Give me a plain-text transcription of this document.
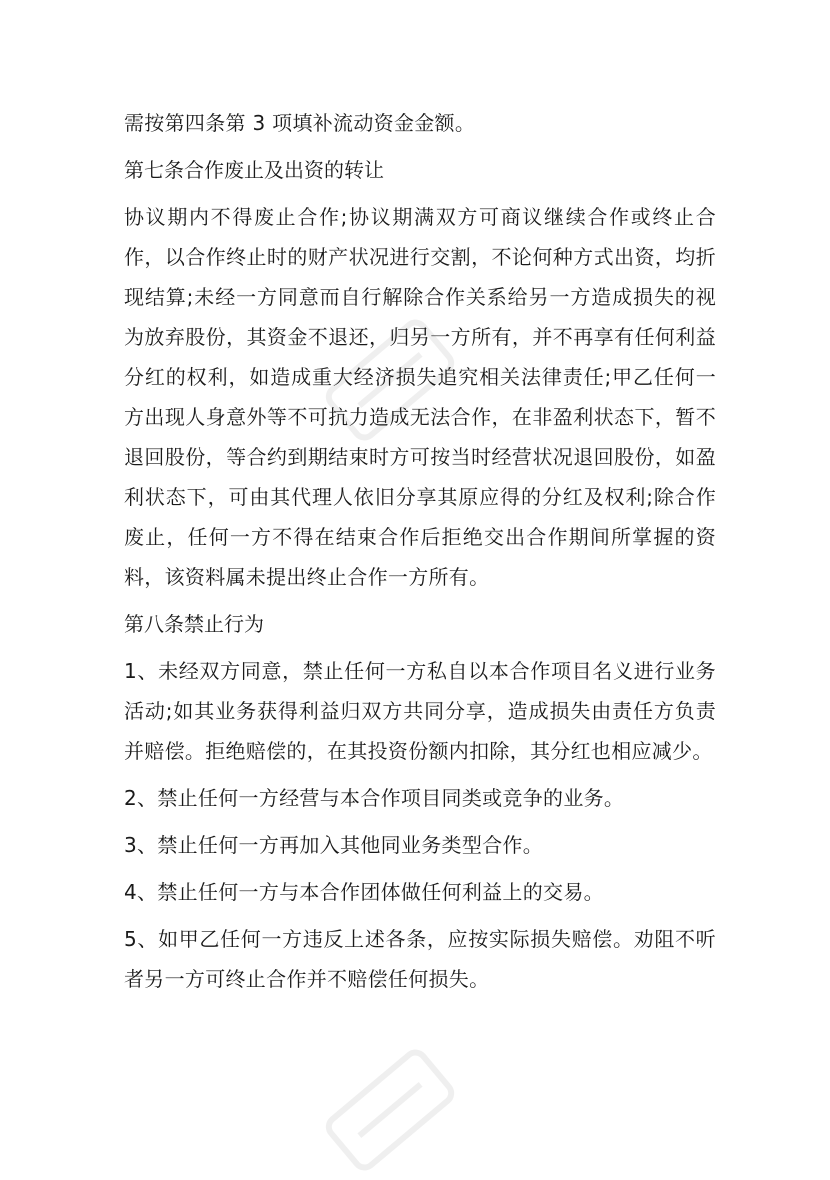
需按第四条第 3 项填补流动资金金额。

第七条合作废止及出资的转让

协议期内不得废止合作;协议期满双方可商议继续合作或终止合作，以合作终止时的财产状况进行交割，不论何种方式出资，均折现结算;未经一方同意而自行解除合作关系给另一方造成损失的视为放弃股份，其资金不退还，归另一方所有，并不再享有任何利益分红的权利，如造成重大经济损失追究相关法律责任;甲乙任何一方出现人身意外等不可抗力造成无法合作，在非盈利状态下，暂不退回股份，等合约到期结束时方可按当时经营状况退回股份，如盈利状态下，可由其代理人依旧分享其原应得的分红及权利;除合作废止，任何一方不得在结束合作后拒绝交出合作期间所掌握的资料，该资料属未提出终止合作一方所有。

第八条禁止行为

1、未经双方同意，禁止任何一方私自以本合作项目名义进行业务活动;如其业务获得利益归双方共同分享，造成损失由责任方负责并赔偿。拒绝赔偿的，在其投资份额内扣除，其分红也相应减少。

2、禁止任何一方经营与本合作项目同类或竞争的业务。

3、禁止任何一方再加入其他同业务类型合作。

4、禁止任何一方与本合作团体做任何利益上的交易。

5、如甲乙任何一方违反上述各条，应按实际损失赔偿。劝阻不听者另一方可终止合作并不赔偿任何损失。
